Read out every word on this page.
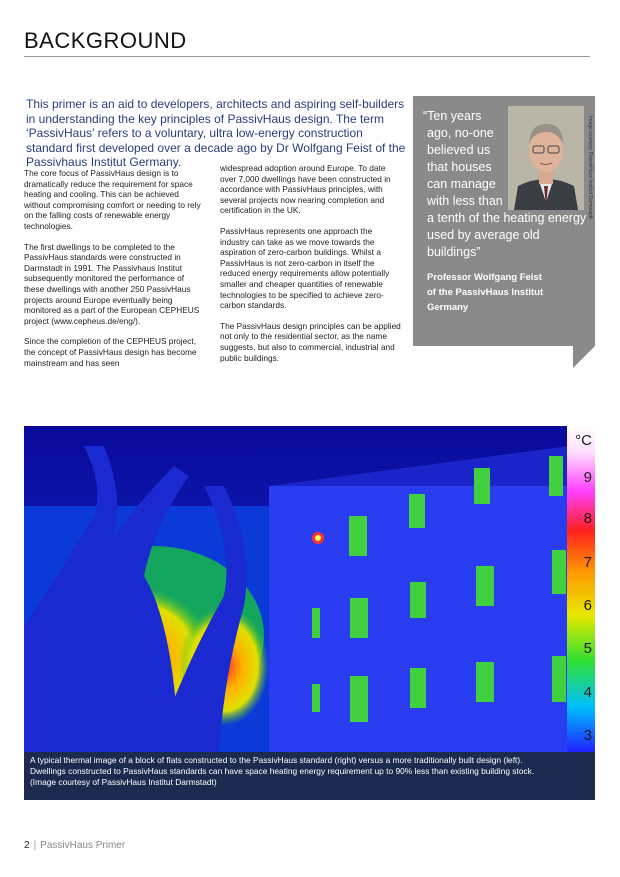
BACKGROUND
This primer is an aid to developers, architects and aspiring self-builders in understanding the key principles of PassivHaus design. The term ‘PassivHaus’ refers to a voluntary, ultra low-energy construction standard first developed over a decade ago by Dr Wolfgang Feist of the Passivhaus Institut Germany.

The core focus of PassivHaus design is to dramatically reduce the requirement for space heating and cooling. This can be achieved without compromising comfort or needing to rely on the falling costs of renewable energy technologies.

The first dwellings to be completed to the PassivHaus standards were constructed in Darmstadt in 1991. The Passivhaus Institut subsequently monitored the performance of these dwellings with another 250 PassivHaus projects around Europe eventually being monitored as a part of the European CEPHEUS project (www.cepheus.de/eng/).

Since the completion of the CEPHEUS project, the concept of PassivHaus design has become mainstream and has seen

widespread adoption around Europe. To date over 7,000 dwellings have been constructed in accordance with PassivHaus principles, with several projects now nearing completion and certification in the UK.

PassivHaus represents one approach the industry can take as we move towards the aspiration of zero-carbon buildings. Whilst a PassivHaus is not zero-carbon in itself the reduced energy requirements allow potentially smaller and cheaper quantities of renewable technologies to be specified to achieve zero-carbon standards.

The PassivHaus design principles can be applied not only to the residential sector, as the name suggests, but also to commercial, industrial and public buildings.

Image courtesy PassivHaus Institut Darmstadt
“Ten years
ago, no-one
believed us
that houses
can manage
with less than
a tenth of the heating energy
used by average old buildings”
Professor Wolfgang Feist
of the PassivHaus Institut
Germany
°C
9
8
7
6
5
4
3
A typical thermal image of a block of flats constructed to the PassivHaus standard (right) versus a more traditionally built design (left).
Dwellings constructed to PassivHaus standards can have space heating energy requirement up to 90% less than existing building stock.
(Image courtesy of PassivHaus Institut Darmstadt)
2 | PassivHaus Primer
